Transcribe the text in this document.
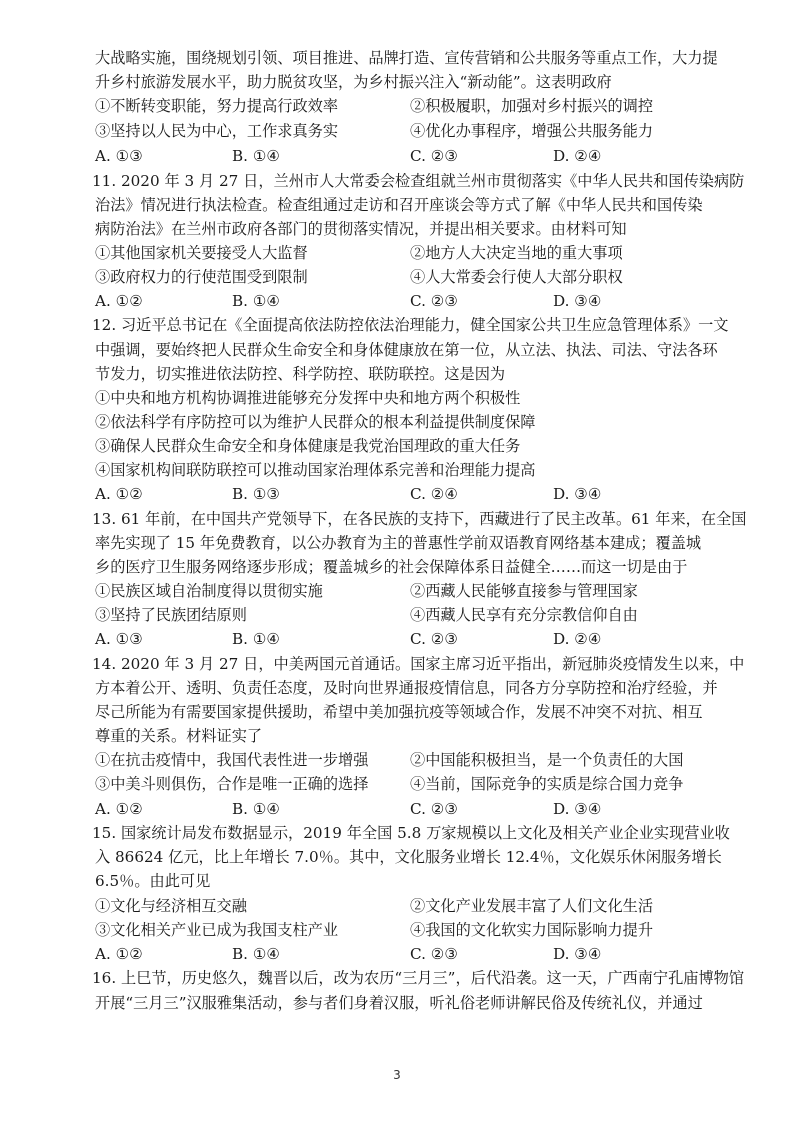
大战略实施，围绕规划引领、项目推进、品牌打造、宣传营销和公共服务等重点工作，大力提
升乡村旅游发展水平，助力脱贫攻坚，为乡村振兴注入“新动能”。这表明政府
①不断转变职能，努力提高行政效率	②积极履职，加强对乡村振兴的调控
③坚持以人民为中心，工作求真务实	④优化办事程序，增强公共服务能力
A. ①③	B. ①④	C. ②③	D. ②④
11. 2020 年 3 月 27 日，兰州市人大常委会检查组就兰州市贯彻落实《中华人民共和国传染病防
治法》情况进行执法检查。检查组通过走访和召开座谈会等方式了解《中华人民共和国传染
病防治法》在兰州市政府各部门的贯彻落实情况，并提出相关要求。由材料可知
①其他国家机关要接受人大监督	②地方人大决定当地的重大事项
③政府权力的行使范围受到限制	④人大常委会行使人大部分职权
A. ①②	B. ①④	C. ②③	D. ③④
12. 习近平总书记在《全面提高依法防控依法治理能力，健全国家公共卫生应急管理体系》一文
中强调，要始终把人民群众生命安全和身体健康放在第一位，从立法、执法、司法、守法各环
节发力，切实推进依法防控、科学防控、联防联控。这是因为
①中央和地方机构协调推进能够充分发挥中央和地方两个积极性
②依法科学有序防控可以为维护人民群众的根本利益提供制度保障
③确保人民群众生命安全和身体健康是我党治国理政的重大任务
④国家机构间联防联控可以推动国家治理体系完善和治理能力提高
A. ①②	B. ①③	C. ②④	D. ③④
13. 61 年前，在中国共产党领导下，在各民族的支持下，西藏进行了民主改革。61 年来，在全国
率先实现了 15 年免费教育，以公办教育为主的普惠性学前双语教育网络基本建成；覆盖城
乡的医疗卫生服务网络逐步形成；覆盖城乡的社会保障体系日益健全……而这一切是由于
①民族区域自治制度得以贯彻实施	②西藏人民能够直接参与管理国家
③坚持了民族团结原则	④西藏人民享有充分宗教信仰自由
A. ①③	B. ①④	C. ②③	D. ②④
14. 2020 年 3 月 27 日，中美两国元首通话。国家主席习近平指出，新冠肺炎疫情发生以来，中
方本着公开、透明、负责任态度，及时向世界通报疫情信息，同各方分享防控和治疗经验，并
尽己所能为有需要国家提供援助，希望中美加强抗疫等领域合作，发展不冲突不对抗、相互
尊重的关系。材料证实了
①在抗击疫情中，我国代表性进一步增强	②中国能积极担当，是一个负责任的大国
③中美斗则俱伤，合作是唯一正确的选择	④当前，国际竞争的实质是综合国力竞争
A. ①②	B. ①④	C. ②③	D. ③④
15. 国家统计局发布数据显示，2019 年全国 5.8 万家规模以上文化及相关产业企业实现营业收
入 86624 亿元，比上年增长 7.0％。其中，文化服务业增长 12.4％，文化娱乐休闲服务增长
6.5％。由此可见
①文化与经济相互交融	②文化产业发展丰富了人们文化生活
③文化相关产业已成为我国支柱产业	④我国的文化软实力国际影响力提升
A. ①②	B. ①④	C. ②③	D. ③④
16. 上巳节，历史悠久，魏晋以后，改为农历“三月三”，后代沿袭。这一天，广西南宁孔庙博物馆
开展“三月三”汉服雅集活动，参与者们身着汉服，听礼俗老师讲解民俗及传统礼仪，并通过
3
